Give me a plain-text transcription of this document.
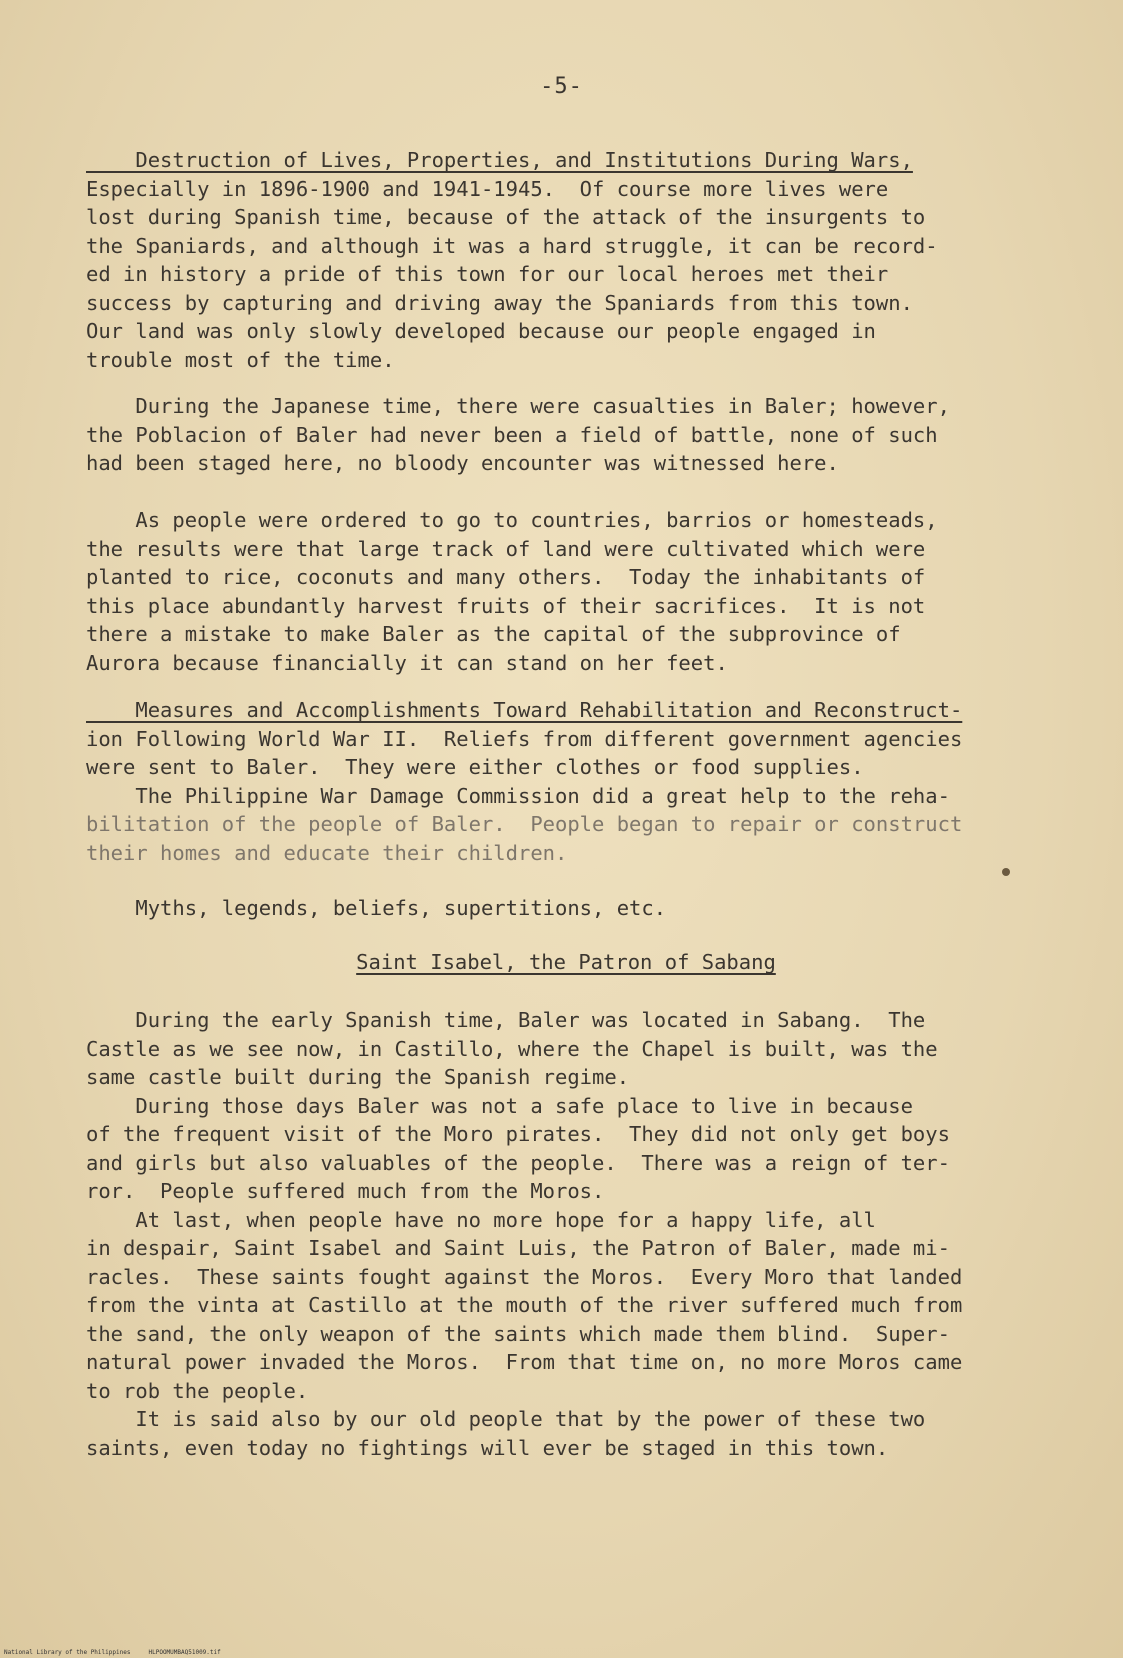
-5-
Destruction of Lives, Properties, and Institutions During Wars,
Especially in 1896-1900 and 1941-1945.  Of course more lives were
lost during Spanish time, because of the attack of the insurgents to
the Spaniards, and although it was a hard struggle, it can be record-
ed in history a pride of this town for our local heroes met their
success by capturing and driving away the Spaniards from this town.
Our land was only slowly developed because our people engaged in
trouble most of the time.
During the Japanese time, there were casualties in Baler; however,
the Poblacion of Baler had never been a field of battle, none of such
had been staged here, no bloody encounter was witnessed here.
As people were ordered to go to countries, barrios or homesteads,
the results were that large track of land were cultivated which were
planted to rice, coconuts and many others.  Today the inhabitants of
this place abundantly harvest fruits of their sacrifices.  It is not
there a mistake to make Baler as the capital of the subprovince of
Aurora because financially it can stand on her feet.
Measures and Accomplishments Toward Rehabilitation and Reconstruct-
ion Following World War II.  Reliefs from different government agencies
were sent to Baler.  They were either clothes or food supplies.
The Philippine War Damage Commission did a great help to the reha-
bilitation of the people of Baler.  People began to repair or construct
their homes and educate their children.
Myths, legends, beliefs, supertitions, etc.
Saint Isabel, the Patron of Sabang
During the early Spanish time, Baler was located in Sabang.  The
Castle as we see now, in Castillo, where the Chapel is built, was the
same castle built during the Spanish regime.
During those days Baler was not a safe place to live in because
of the frequent visit of the Moro pirates.  They did not only get boys
and girls but also valuables of the people.  There was a reign of ter-
ror.  People suffered much from the Moros.
At last, when people have no more hope for a happy life, all
in despair, Saint Isabel and Saint Luis, the Patron of Baler, made mi-
racles.  These saints fought against the Moros.  Every Moro that landed
from the vinta at Castillo at the mouth of the river suffered much from
the sand, the only weapon of the saints which made them blind.  Super-
natural power invaded the Moros.  From that time on, no more Moros came
to rob the people.
It is said also by our old people that by the power of these two
saints, even today no fightings will ever be staged in this town.
National Library of the Philippines     HLPOOMUMBAQ51009.tif
